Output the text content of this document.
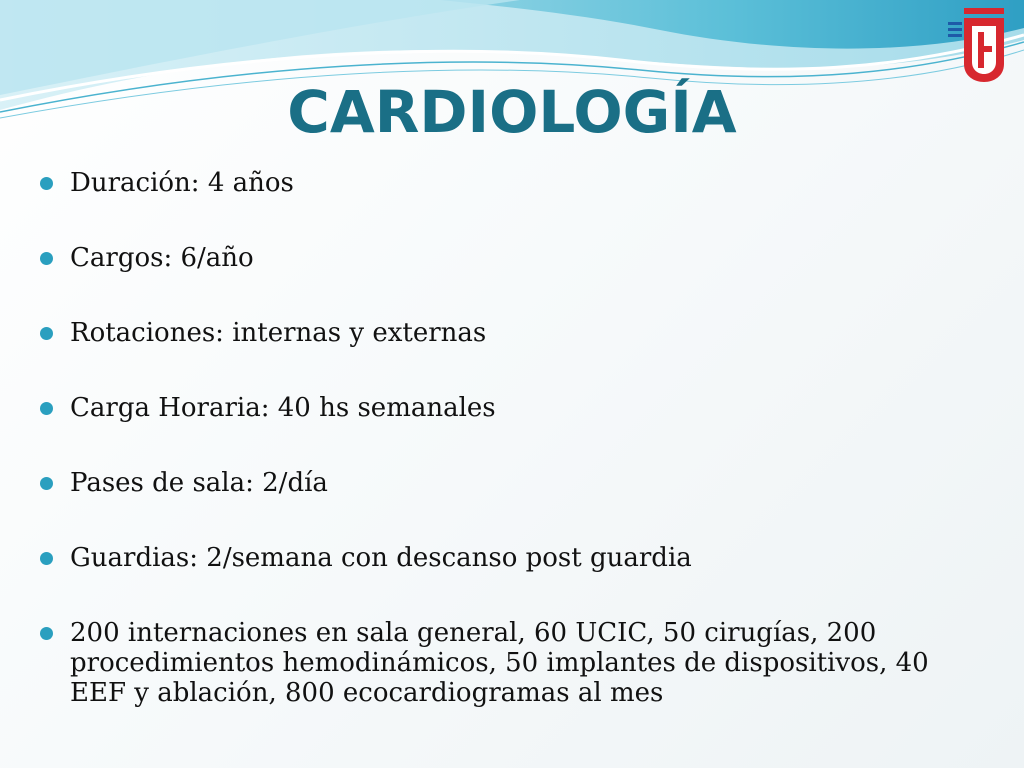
CARDIOLOGÍA
Duración: 4 años
Cargos: 6/año
Rotaciones: internas y externas
Carga Horaria: 40 hs semanales
Pases de sala: 2/día
Guardias: 2/semana con descanso post guardia
200 internaciones en sala general, 60 UCIC, 50 cirugías, 200 procedimientos hemodinámicos, 50 implantes de dispositivos, 40 EEF y ablación, 800 ecocardiogramas al mes
